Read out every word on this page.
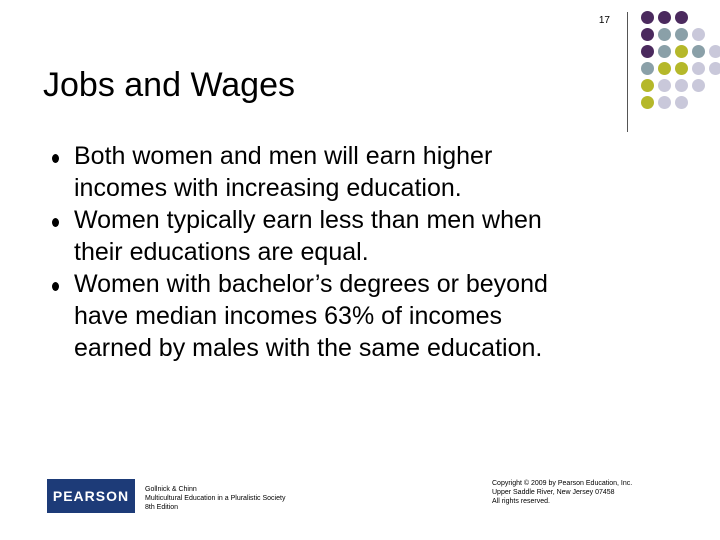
17
Jobs and Wages
Both women and men will earn higher
incomes with increasing education.
Women typically earn less than men when
their educations are equal.
Women with bachelor’s degrees or beyond
have median incomes 63% of incomes
earned by males with the same education.
PEARSON	Gollnick & Chinn
Multicultural Education in a Pluralistic Society
8th Edition
Copyright © 2009 by Pearson Education, Inc.
Upper Saddle River, New Jersey 07458
All rights reserved.
